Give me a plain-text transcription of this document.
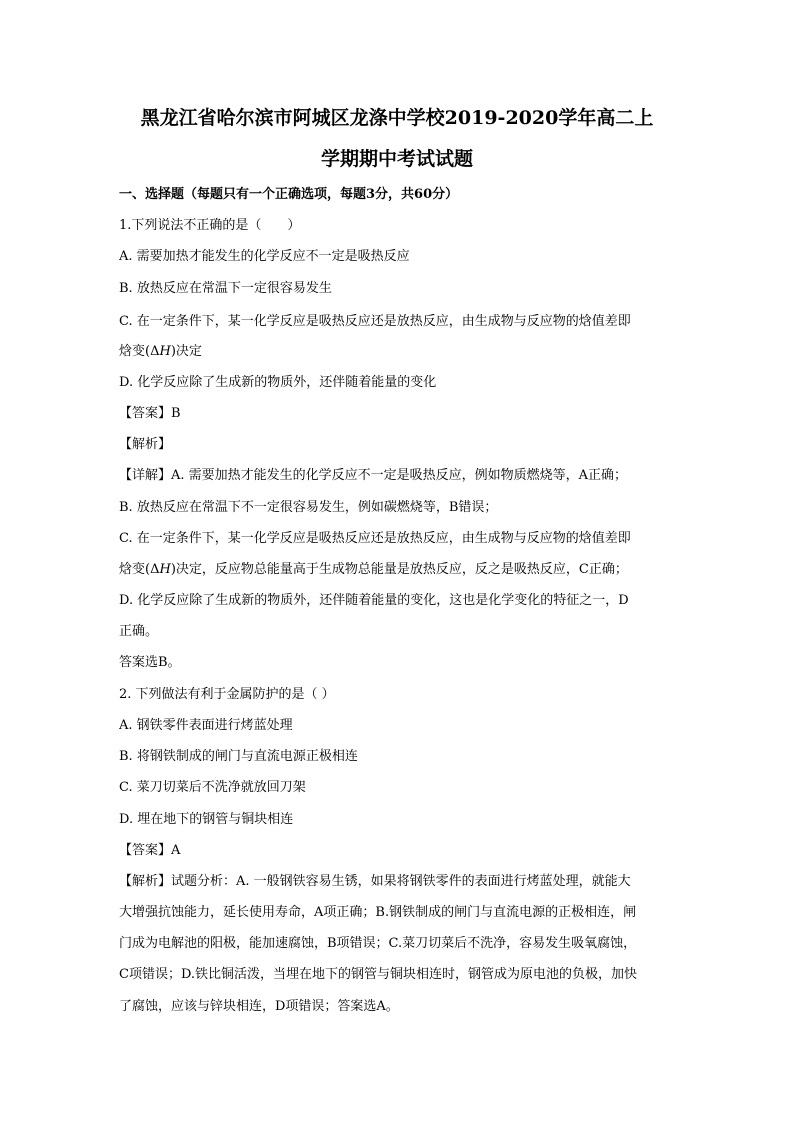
黑龙江省哈尔滨市阿城区龙涤中学校2019-2020学年高二上
学期期中考试试题
一、选择题（每题只有一个正确选项，每题3分，共60分）
1.下列说法不正确的是（　　）
A. 需要加热才能发生的化学反应不一定是吸热反应
B. 放热反应在常温下一定很容易发生
C. 在一定条件下，某一化学反应是吸热反应还是放热反应，由生成物与反应物的焓值差即
焓变(ΔH)决定
D. 化学反应除了生成新的物质外，还伴随着能量的变化
【答案】B
【解析】
【详解】A. 需要加热才能发生的化学反应不一定是吸热反应，例如物质燃烧等，A正确；
B. 放热反应在常温下不一定很容易发生，例如碳燃烧等，B错误；
C. 在一定条件下，某一化学反应是吸热反应还是放热反应，由生成物与反应物的焓值差即
焓变(ΔH)决定，反应物总能量高于生成物总能量是放热反应，反之是吸热反应，C正确；
D. 化学反应除了生成新的物质外，还伴随着能量的变化，这也是化学变化的特征之一，D
正确。
答案选B。
2. 下列做法有利于金属防护的是（ ）
A. 钢铁零件表面进行烤蓝处理
B. 将钢铁制成的闸门与直流电源正极相连
C. 菜刀切菜后不洗净就放回刀架
D. 埋在地下的钢管与铜块相连
【答案】A
【解析】试题分析：A. 一般钢铁容易生锈，如果将钢铁零件的表面进行烤蓝处理，就能大
大增强抗蚀能力，延长使用寿命，A项正确；B.钢铁制成的闸门与直流电源的正极相连，闸
门成为电解池的阳极，能加速腐蚀，B项错误；C.菜刀切菜后不洗净，容易发生吸氧腐蚀，
C项错误；D.铁比铜活泼，当埋在地下的钢管与铜块相连时，钢管成为原电池的负极，加快
了腐蚀，应该与锌块相连，D项错误；答案选A。
